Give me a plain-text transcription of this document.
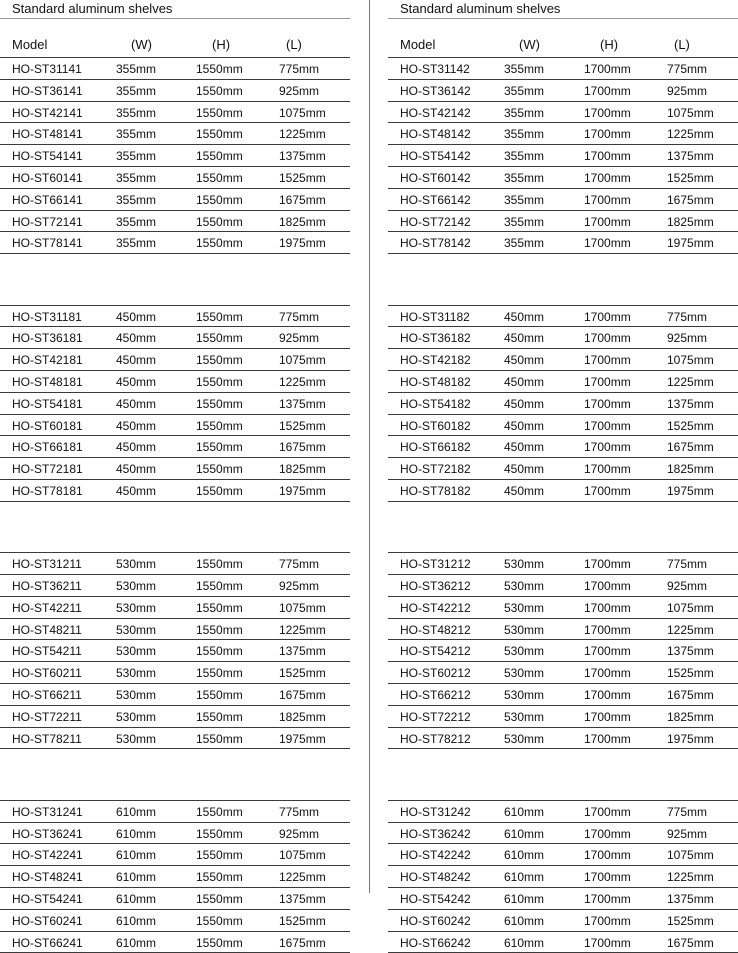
Standard aluminum shelves
Model	(W)	(H)	(L)
HO-ST31141	355mm	1550mm	775mm
HO-ST36141	355mm	1550mm	925mm
HO-ST42141	355mm	1550mm	1075mm
HO-ST48141	355mm	1550mm	1225mm
HO-ST54141	355mm	1550mm	1375mm
HO-ST60141	355mm	1550mm	1525mm
HO-ST66141	355mm	1550mm	1675mm
HO-ST72141	355mm	1550mm	1825mm
HO-ST78141	355mm	1550mm	1975mm
HO-ST31181	450mm	1550mm	775mm
HO-ST36181	450mm	1550mm	925mm
HO-ST42181	450mm	1550mm	1075mm
HO-ST48181	450mm	1550mm	1225mm
HO-ST54181	450mm	1550mm	1375mm
HO-ST60181	450mm	1550mm	1525mm
HO-ST66181	450mm	1550mm	1675mm
HO-ST72181	450mm	1550mm	1825mm
HO-ST78181	450mm	1550mm	1975mm
HO-ST31211	530mm	1550mm	775mm
HO-ST36211	530mm	1550mm	925mm
HO-ST42211	530mm	1550mm	1075mm
HO-ST48211	530mm	1550mm	1225mm
HO-ST54211	530mm	1550mm	1375mm
HO-ST60211	530mm	1550mm	1525mm
HO-ST66211	530mm	1550mm	1675mm
HO-ST72211	530mm	1550mm	1825mm
HO-ST78211	530mm	1550mm	1975mm
HO-ST31241	610mm	1550mm	775mm
HO-ST36241	610mm	1550mm	925mm
HO-ST42241	610mm	1550mm	1075mm
HO-ST48241	610mm	1550mm	1225mm
HO-ST54241	610mm	1550mm	1375mm
HO-ST60241	610mm	1550mm	1525mm
HO-ST66241	610mm	1550mm	1675mm
Standard aluminum shelves
Model	(W)	(H)	(L)
HO-ST31142	355mm	1700mm	775mm
HO-ST36142	355mm	1700mm	925mm
HO-ST42142	355mm	1700mm	1075mm
HO-ST48142	355mm	1700mm	1225mm
HO-ST54142	355mm	1700mm	1375mm
HO-ST60142	355mm	1700mm	1525mm
HO-ST66142	355mm	1700mm	1675mm
HO-ST72142	355mm	1700mm	1825mm
HO-ST78142	355mm	1700mm	1975mm
HO-ST31182	450mm	1700mm	775mm
HO-ST36182	450mm	1700mm	925mm
HO-ST42182	450mm	1700mm	1075mm
HO-ST48182	450mm	1700mm	1225mm
HO-ST54182	450mm	1700mm	1375mm
HO-ST60182	450mm	1700mm	1525mm
HO-ST66182	450mm	1700mm	1675mm
HO-ST72182	450mm	1700mm	1825mm
HO-ST78182	450mm	1700mm	1975mm
HO-ST31212	530mm	1700mm	775mm
HO-ST36212	530mm	1700mm	925mm
HO-ST42212	530mm	1700mm	1075mm
HO-ST48212	530mm	1700mm	1225mm
HO-ST54212	530mm	1700mm	1375mm
HO-ST60212	530mm	1700mm	1525mm
HO-ST66212	530mm	1700mm	1675mm
HO-ST72212	530mm	1700mm	1825mm
HO-ST78212	530mm	1700mm	1975mm
HO-ST31242	610mm	1700mm	775mm
HO-ST36242	610mm	1700mm	925mm
HO-ST42242	610mm	1700mm	1075mm
HO-ST48242	610mm	1700mm	1225mm
HO-ST54242	610mm	1700mm	1375mm
HO-ST60242	610mm	1700mm	1525mm
HO-ST66242	610mm	1700mm	1675mm
